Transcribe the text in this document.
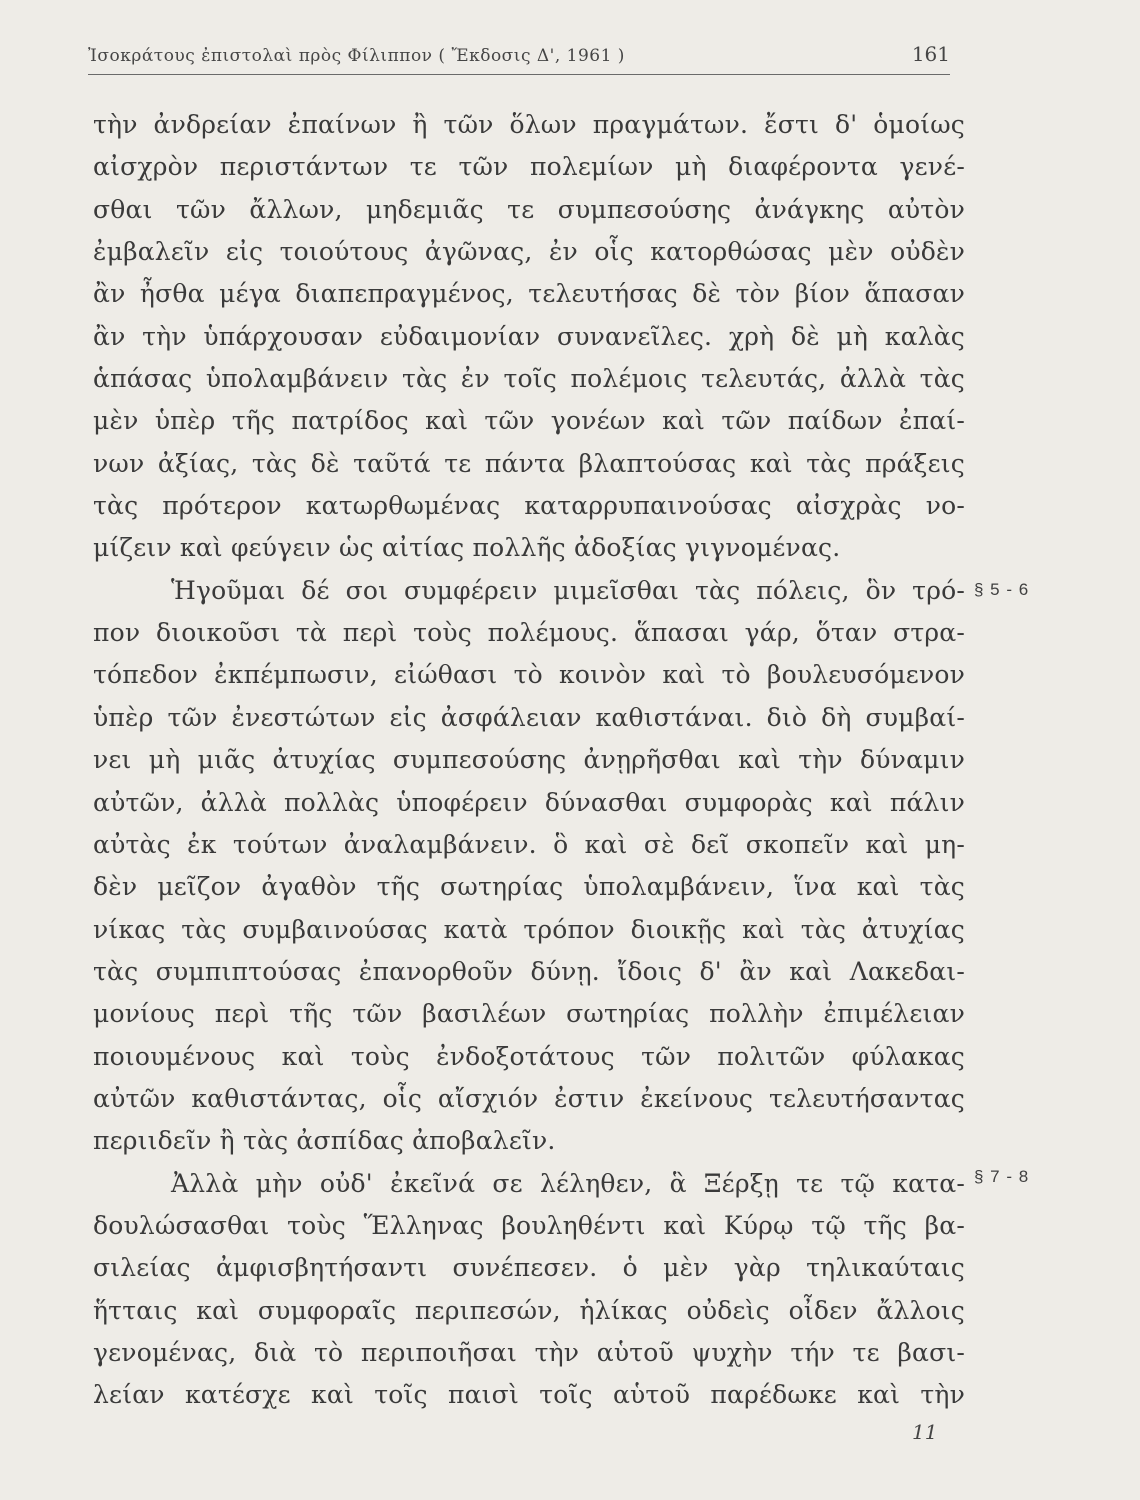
Ἰσοκράτους ἐπιστολαὶ πρὸς Φίλιππον ( Ἔκδοσις Δ', 1961 )	161
τὴν ἀνδρείαν ἐπαίνων ἢ τῶν ὅλων πραγμάτων. ἔστι δ' ὁμοίως
αἰσχρὸν περιστάντων τε τῶν πολεμίων μὴ διαφέροντα γενέ-
σθαι τῶν ἄλλων, μηδεμιᾶς τε συμπεσούσης ἀνάγκης αὐτὸν
ἐμβαλεῖν εἰς τοιούτους ἀγῶνας, ἐν οἷς κατορθώσας μὲν οὐδὲν
ἂν ἦσθα μέγα διαπεπραγμένος, τελευτήσας δὲ τὸν βίον ἅπασαν
ἂν τὴν ὑπάρχουσαν εὐδαιμονίαν συνανεῖλες. χρὴ δὲ μὴ καλὰς
ἁπάσας ὑπολαμβάνειν τὰς ἐν τοῖς πολέμοις τελευτάς, ἀλλὰ τὰς
μὲν ὑπὲρ τῆς πατρίδος καὶ τῶν γονέων καὶ τῶν παίδων ἐπαί-
νων ἀξίας, τὰς δὲ ταῦτά τε πάντα βλαπτούσας καὶ τὰς πράξεις
τὰς πρότερον κατωρθωμένας καταρρυπαινούσας αἰσχρὰς νο-
μίζειν καὶ φεύγειν ὡς αἰτίας πολλῆς ἀδοξίας γιγνομένας.
Ἡγοῦμαι δέ σοι συμφέρειν μιμεῖσθαι τὰς πόλεις, ὃν τρό-
πον διοικοῦσι τὰ περὶ τοὺς πολέμους. ἅπασαι γάρ, ὅταν στρα-
τόπεδον ἐκπέμπωσιν, εἰώθασι τὸ κοινὸν καὶ τὸ βουλευσόμενον
ὑπὲρ τῶν ἐνεστώτων εἰς ἀσφάλειαν καθιστάναι. διὸ δὴ συμβαί-
νει μὴ μιᾶς ἀτυχίας συμπεσούσης ἀνῃρῆσθαι καὶ τὴν δύναμιν
αὐτῶν, ἀλλὰ πολλὰς ὑποφέρειν δύνασθαι συμφορὰς καὶ πάλιν
αὐτὰς ἐκ τούτων ἀναλαμβάνειν. ὃ καὶ σὲ δεῖ σκοπεῖν καὶ μη-
δὲν μεῖζον ἀγαθὸν τῆς σωτηρίας ὑπολαμβάνειν, ἵνα καὶ τὰς
νίκας τὰς συμβαινούσας κατὰ τρόπον διοικῇς καὶ τὰς ἀτυχίας
τὰς συμπιπτούσας ἐπανορθοῦν δύνῃ. ἴδοις δ' ἂν καὶ Λακεδαι-
μονίους περὶ τῆς τῶν βασιλέων σωτηρίας πολλὴν ἐπιμέλειαν
ποιουμένους καὶ τοὺς ἐνδοξοτάτους τῶν πολιτῶν φύλακας
αὐτῶν καθιστάντας, οἷς αἴσχιόν ἐστιν ἐκείνους τελευτήσαντας
περιιδεῖν ἢ τὰς ἀσπίδας ἀποβαλεῖν.
Ἀλλὰ μὴν οὐδ' ἐκεῖνά σε λέληθεν, ἃ Ξέρξῃ τε τῷ κατα-
δουλώσασθαι τοὺς Ἕλληνας βουληθέντι καὶ Κύρῳ τῷ τῆς βα-
σιλείας ἀμφισβητήσαντι συνέπεσεν. ὁ μὲν γὰρ τηλικαύταις
ἥτταις καὶ συμφοραῖς περιπεσών, ἡλίκας οὐδεὶς οἶδεν ἄλλοις
γενομένας, διὰ τὸ περιποιῆσαι τὴν αὑτοῦ ψυχὴν τήν τε βασι-
λείαν κατέσχε καὶ τοῖς παισὶ τοῖς αὑτοῦ παρέδωκε καὶ τὴν
§ 5 - 6
§ 7 - 8
11
